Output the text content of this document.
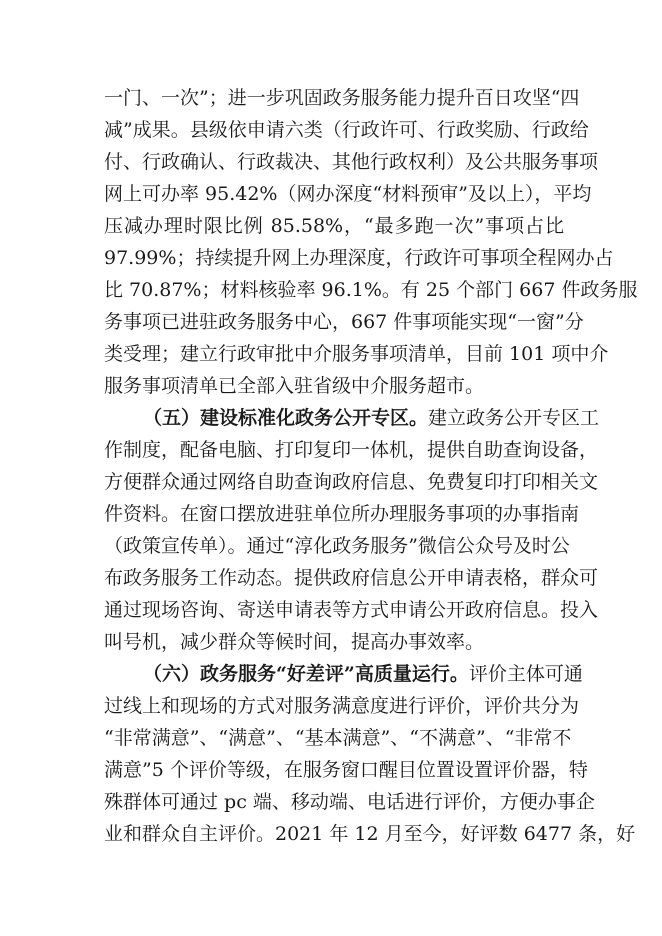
一门、一次”；进一步巩固政务服务能力提升百日攻坚“四
减”成果。县级依申请六类（行政许可、行政奖励、行政给
付、行政确认、行政裁决、其他行政权利）及公共服务事项
网上可办率 95.42%（网办深度“材料预审”及以上），平均
压减办理时限比例 85.58%，“最多跑一次”事项占比
97.99%；持续提升网上办理深度，行政许可事项全程网办占
比 70.87%；材料核验率 96.1%。有 25 个部门 667 件政务服
务事项已进驻政务服务中心，667 件事项能实现“一窗”分
类受理；建立行政审批中介服务事项清单，目前 101 项中介
服务事项清单已全部入驻省级中介服务超市。
（五）建设标准化政务公开专区。建立政务公开专区工
作制度，配备电脑、打印复印一体机，提供自助查询设备，
方便群众通过网络自助查询政府信息、免费复印打印相关文
件资料。在窗口摆放进驻单位所办理服务事项的办事指南
（政策宣传单）。通过“淳化政务服务”微信公众号及时公
布政务服务工作动态。提供政府信息公开申请表格，群众可
通过现场咨询、寄送申请表等方式申请公开政府信息。投入
叫号机，减少群众等候时间，提高办事效率。
（六）政务服务“好差评”高质量运行。评价主体可通
过线上和现场的方式对服务满意度进行评价，评价共分为
“非常满意”、“满意”、“基本满意”、“不满意”、“非常不
满意”5 个评价等级，在服务窗口醒目位置设置评价器，特
殊群体可通过 pc 端、移动端、电话进行评价，方便办事企
业和群众自主评价。2021 年 12 月至今，好评数 6477 条，好
